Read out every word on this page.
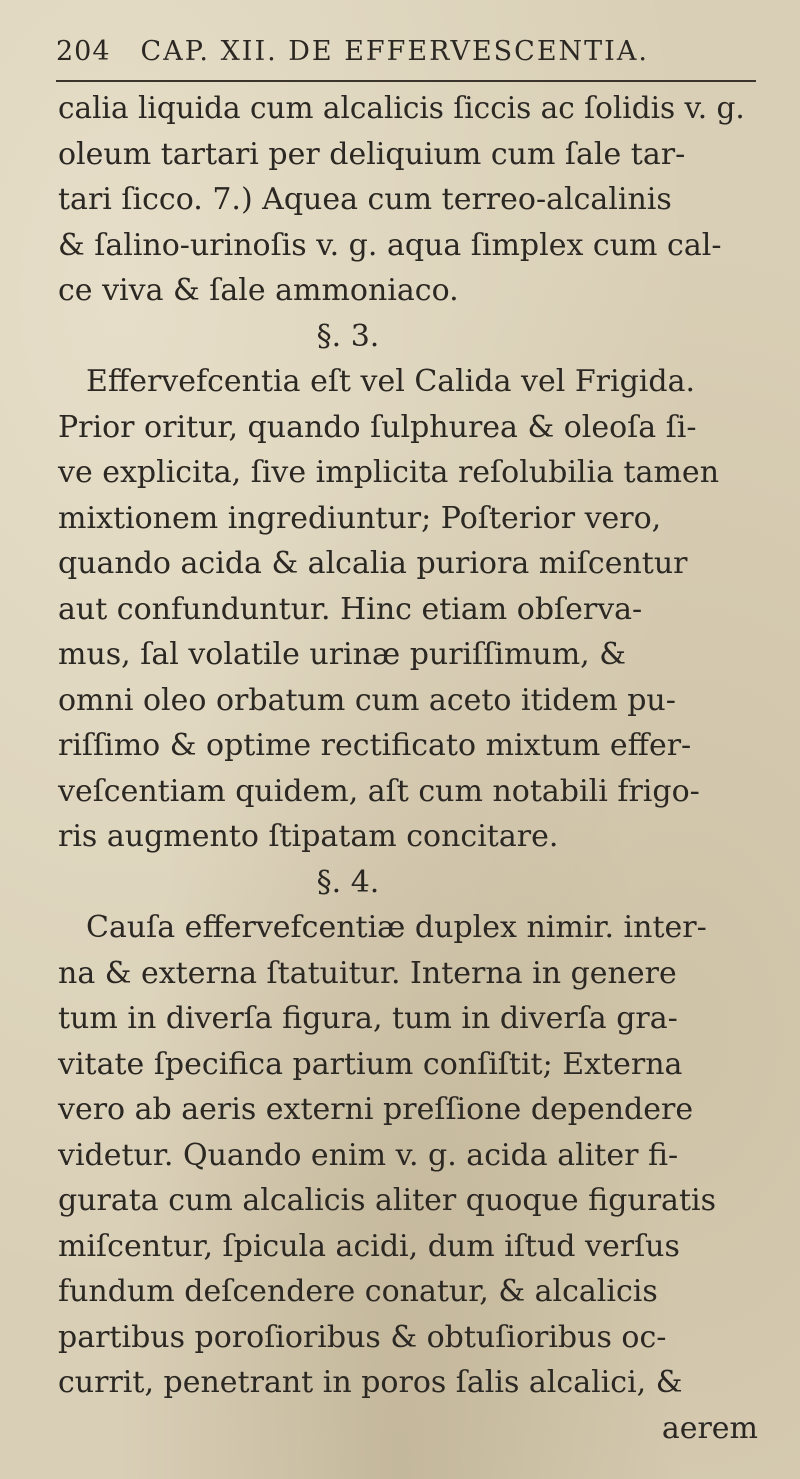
204 CAP. XII. DE EFFERVESCENTIA.
calia liquida cum alcalicis ſiccis ac ſolidis v. g.
oleum tartari per deliquium cum ſale tar-
tari ſicco. 7.) Aquea cum terreo-alcalinis
& ſalino-urinoſis v. g. aqua ſimplex cum cal-
ce viva & ſale ammoniaco.
§. 3.
Effervefcentia eſt vel Calida vel Frigida.
Prior oritur, quando ſulphurea & oleoſa ſi-
ve explicita, ſive implicita reſolubilia tamen
mixtionem ingrediuntur; Poſterior vero,
quando acida & alcalia puriora miſcentur
aut confunduntur. Hinc etiam obſerva-
mus, ſal volatile urinæ puriſſimum, &
omni oleo orbatum cum aceto itidem pu-
riſſimo & optime rectificato mixtum effer-
veſcentiam quidem, aſt cum notabili frigo-
ris augmento ſtipatam concitare.
§. 4.
Cauſa effervefcentiæ duplex nimir. inter-
na & externa ſtatuitur. Interna in genere
tum in diverſa figura, tum in diverſa gra-
vitate ſpecifica partium conſiſtit; Externa
vero ab aeris externi preſſione dependere
videtur. Quando enim v. g. acida aliter fi-
gurata cum alcalicis aliter quoque figuratis
miſcentur, ſpicula acidi, dum iſtud verſus
fundum deſcendere conatur, & alcalicis
partibus poroſioribus & obtuſioribus oc-
currit, penetrant in poros ſalis alcalici, &
aerem
